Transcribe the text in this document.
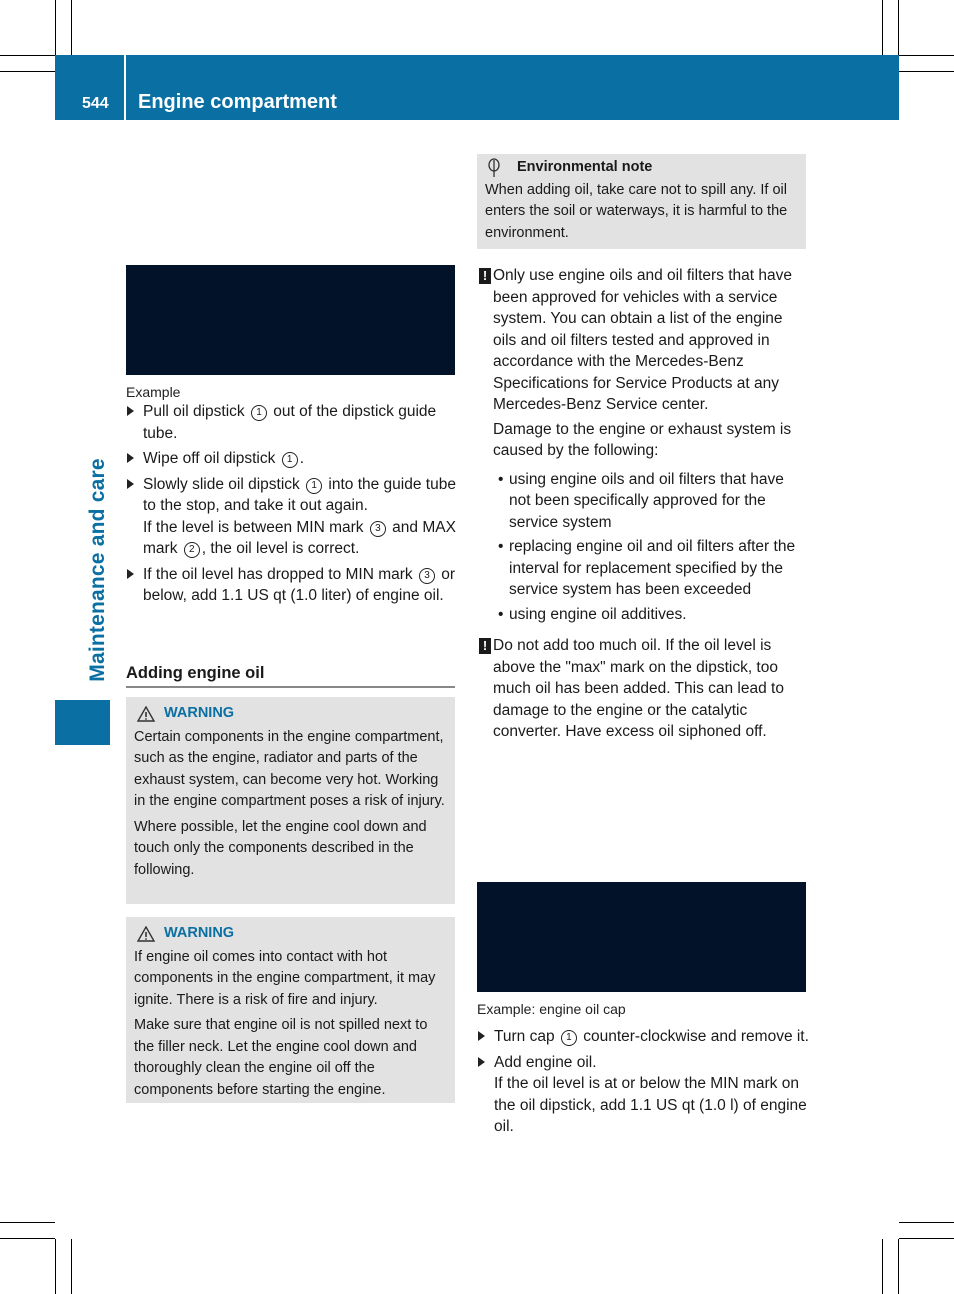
544 Engine compartment
Maintenance and care
Example
Pull oil dipstick 1 out of the dipstick guide tube.
Wipe off oil dipstick 1 .
Slowly slide oil dipstick 1 into the guide tube to the stop, and take it out again.
If the level is between MIN mark 3 and MAX mark 2 , the oil level is correct.
If the oil level has dropped to MIN mark 3 or below, add 1.1 US qt (1.0 liter) of engine oil.
Adding engine oil
WARNING

Certain components in the engine compartment, such as the engine, radiator and parts of the exhaust system, can become very hot. Working in the engine compartment poses a risk of injury.

Where possible, let the engine cool down and touch only the components described in the following.

WARNING

If engine oil comes into contact with hot components in the engine compartment, it may ignite. There is a risk of fire and injury.

Make sure that engine oil is not spilled next to the filler neck. Let the engine cool down and thoroughly clean the engine oil off the components before starting the engine.

Environmental note

When adding oil, take care not to spill any. If oil enters the soil or waterways, it is harmful to the environment.

! Only use engine oils and oil filters that have been approved for vehicles with a service system. You can obtain a list of the engine oils and oil filters tested and approved in accordance with the Mercedes-Benz Specifications for Service Products at any Mercedes-Benz Service center.
Damage to the engine or exhaust system is caused by the following:
• using engine oils and oil filters that have not been specifically approved for the service system
• replacing engine oil and oil filters after the interval for replacement specified by the service system has been exceeded
• using engine oil additives.
! Do not add too much oil. If the oil level is above the "max" mark on the dipstick, too much oil has been added. This can lead to damage to the engine or the catalytic converter. Have excess oil siphoned off.
Example: engine oil cap
Turn cap 1 counter-clockwise and remove it.
Add engine oil.
If the oil level is at or below the MIN mark on the oil dipstick, add 1.1 US qt (1.0 l) of engine oil.
